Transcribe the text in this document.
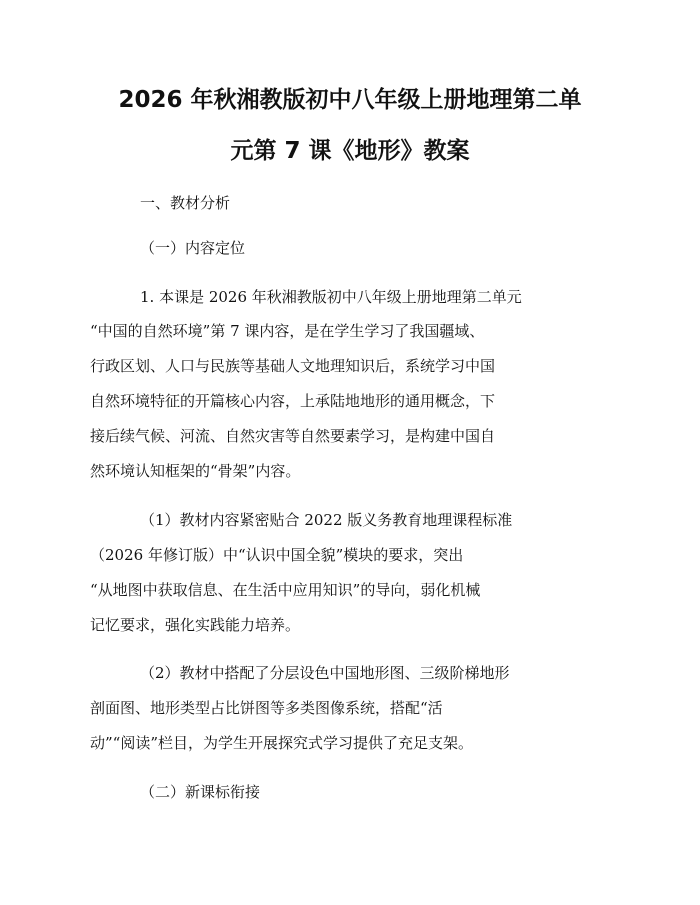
2026 年秋湘教版初中八年级上册地理第二单
元第 7 课《地形》教案
一、教材分析
（一）内容定位
1. 本课是 2026 年秋湘教版初中八年级上册地理第二单元
“中国的自然环境”第 7 课内容，是在学生学习了我国疆域、
行政区划、人口与民族等基础人文地理知识后，系统学习中国
自然环境特征的开篇核心内容，上承陆地地形的通用概念，下
接后续气候、河流、自然灾害等自然要素学习，是构建中国自
然环境认知框架的“骨架”内容。
（1）教材内容紧密贴合 2022 版义务教育地理课程标准
（2026 年修订版）中“认识中国全貌”模块的要求，突出
“从地图中获取信息、在生活中应用知识”的导向，弱化机械
记忆要求，强化实践能力培养。
（2）教材中搭配了分层设色中国地形图、三级阶梯地形
剖面图、地形类型占比饼图等多类图像系统，搭配“活
动”“阅读”栏目，为学生开展探究式学习提供了充足支架。
（二）新课标衔接
